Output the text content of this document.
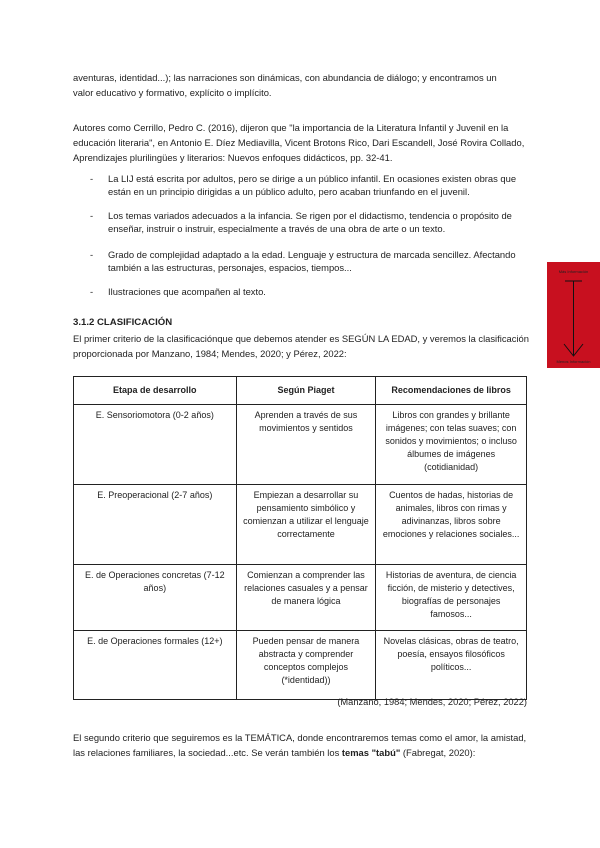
aventuras, identidad...); las narraciones son dinámicas, con abundancia de diálogo; y encontramos un
valor educativo y formativo, explícito o implícito.
Autores como Cerrillo, Pedro C. (2016), dijeron que "la importancia de la Literatura Infantil y Juvenil en la educación literaria", en Antonio E. Díez Mediavilla, Vicent Brotons Rico, Dari Escandell, José Rovira Collado, Aprendizajes plurilingües y literarios: Nuevos enfoques didácticos, pp. 32-41.
- La LIJ está escrita por adultos, pero se dirige a un público infantil. En ocasiones existen obras que están en un principio dirigidas a un público adulto, pero acaban triunfando en el juvenil.
- Los temas variados adecuados a la infancia. Se rigen por el didactismo, tendencia o propósito de enseñar, instruir o instruir, especialmente a través de una obra de arte o un texto.
- Grado de complejidad adaptado a la edad. Lenguaje y estructura de marcada sencillez. Afectando también a las estructuras, personajes, espacios, tiempos...
- Ilustraciones que acompañen al texto.
3.1.2 CLASIFICACIÓN
El primer criterio de la clasificaciónque que debemos atender es SEGÚN LA EDAD, y veremos la clasificación proporcionada por Manzano, 1984; Mendes, 2020; y Pérez, 2022:
Etapa de desarrollo	Según Piaget	Recomendaciones de libros
E. Sensoriomotora (0-2 años)	Aprenden a través de sus movimientos y sentidos	Libros con grandes y brillante imágenes; con telas suaves; con sonidos y movimientos; o incluso álbumes de imágenes (cotidianidad)
E. Preoperacional (2-7 años)	Empiezan a desarrollar su pensamiento simbólico y comienzan a utilizar el lenguaje correctamente	Cuentos de hadas, historias de animales, libros con rimas y adivinanzas, libros sobre emociones y relaciones sociales...
E. de Operaciones concretas (7-12 años)	Comienzan a comprender las relaciones casuales y a pensar de manera lógica	Historias de aventura, de ciencia ficción, de misterio y detectives, biografías de personajes famosos...
E. de Operaciones formales (12+)	Pueden pensar de manera abstracta y comprender conceptos complejos (*identidad))	Novelas clásicas, obras de teatro, poesía, ensayos filosóficos políticos...
(Manzano, 1984; Mendes, 2020; Pérez, 2022)
El segundo criterio que seguiremos es la TEMÁTICA, donde encontraremos temas como el amor, la amistad, las relaciones familiares, la sociedad...etc. Se verán también los temas "tabú" (Fabregat, 2020):
Más Información
Menos Información
